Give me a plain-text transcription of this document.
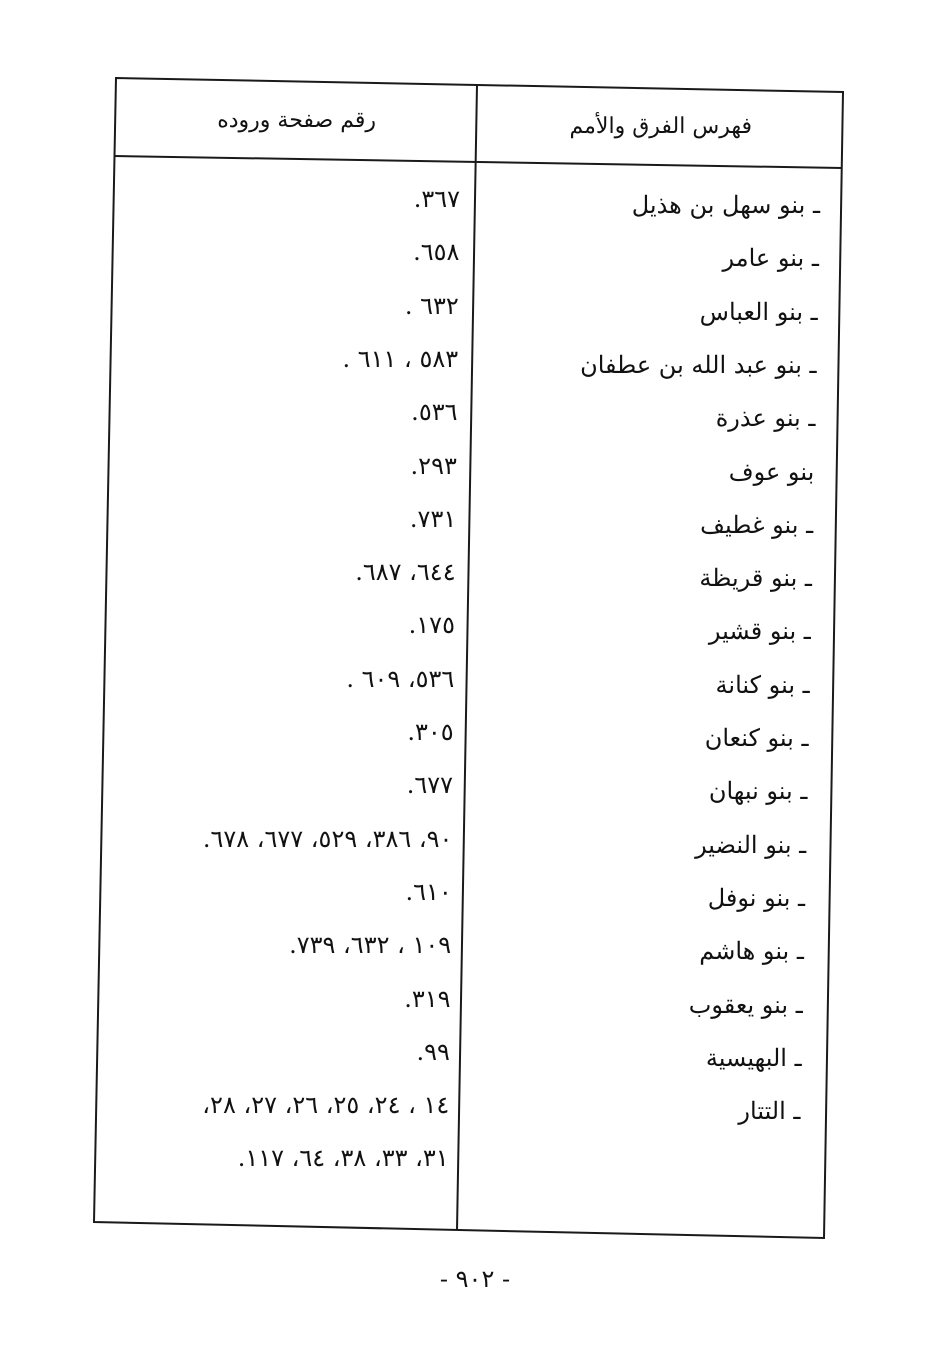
فهرس الفرق والأمم
رقم صفحة وروده
ـ بنو سهل بن هذيل
٣٦٧.
ـ بنو عامر
٦٥٨.
ـ بنو العباس
٦٣٢ .
ـ بنو عبد الله بن عطفان
٥٨٣ ، ٦١١ .
ـ بنو عذرة
٥٣٦.
بنو عوف
٢٩٣.
ـ بنو غطيف
٧٣١.
ـ بنو قريظة
٦٤٤، ٦٨٧.
ـ بنو قشير
١٧٥.
ـ بنو كنانة
٥٣٦، ٦٠٩ .
ـ بنو كنعان
٣٠٥.
ـ بنو نبهان
٦٧٧.
ـ بنو النضير
٩٠، ٣٨٦، ٥٢٩، ٦٧٧، ٦٧٨.
ـ بنو نوفل
٦١٠.
ـ بنو هاشم
١٠٩ ، ٦٣٢، ٧٣٩.
ـ بنو يعقوب
٣١٩.
ـ البهيسية
٩٩.
ـ التتار
١٤ ، ٢٤، ٢٥، ٢٦، ٢٧، ٢٨،
٣١، ٣٣، ٣٨، ٦٤، ١١٧.
- ٩٠٢ -
